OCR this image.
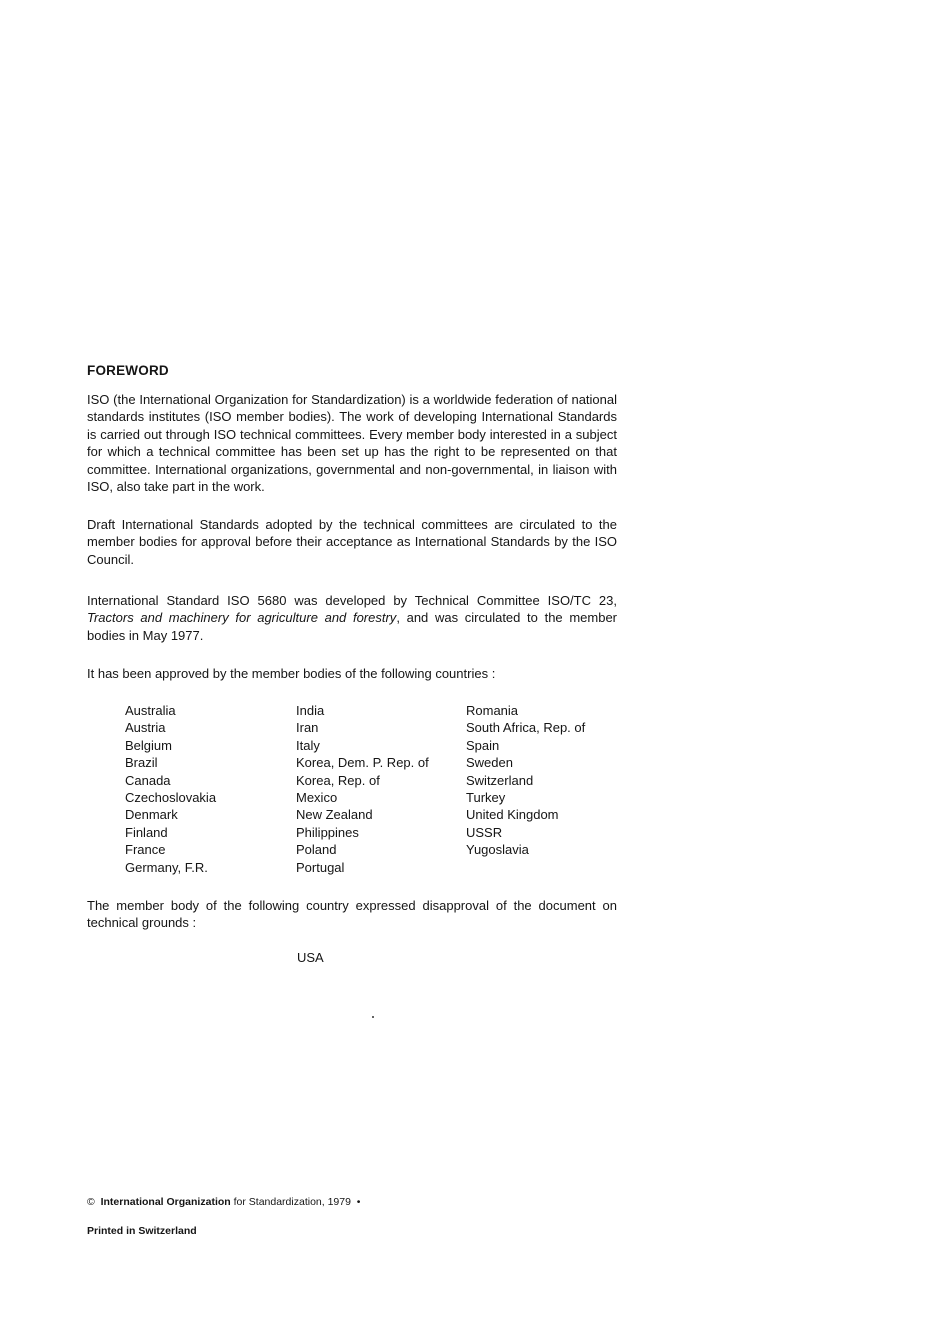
FOREWORD
ISO (the International Organization for Standardization) is a worldwide federation of national standards institutes (ISO member bodies). The work of developing International Standards is carried out through ISO technical committees. Every member body interested in a subject for which a technical committee has been set up has the right to be represented on that committee. International organizations, governmental and non-governmental, in liaison with ISO, also take part in the work.
Draft International Standards adopted by the technical committees are circulated to the member bodies for approval before their acceptance as International Standards by the ISO Council.
International Standard ISO 5680 was developed by Technical Committee ISO/TC 23, Tractors and machinery for agriculture and forestry, and was circulated to the member bodies in May 1977.
It has been approved by the member bodies of the following countries :
Australia
Austria
Belgium
Brazil
Canada
Czechoslovakia
Denmark
Finland
France
Germany, F.R.
India
Iran
Italy
Korea, Dem. P. Rep. of
Korea, Rep. of
Mexico
New Zealand
Philippines
Poland
Portugal
Romania
South Africa, Rep. of
Spain
Sweden
Switzerland
Turkey
United Kingdom
USSR
Yugoslavia
The member body of the following country expressed disapproval of the document on technical grounds :
USA
© International Organization for Standardization, 1979 •
Printed in Switzerland
